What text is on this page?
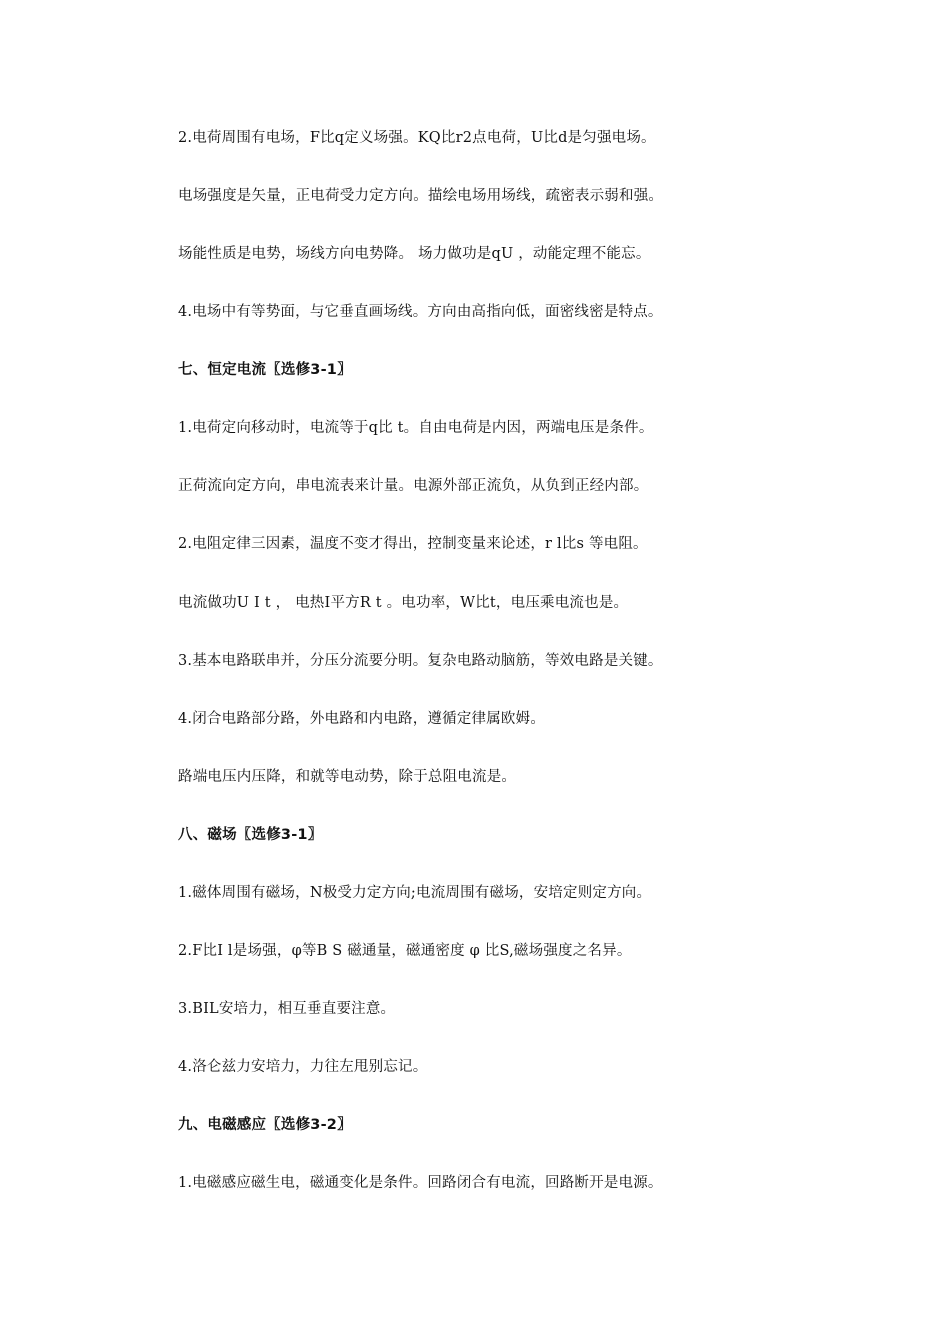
2.电荷周围有电场，F比q定义场强。KQ比r2点电荷，U比d是匀强电场。
电场强度是矢量，正电荷受力定方向。描绘电场用场线，疏密表示弱和强。
场能性质是电势，场线方向电势降。 场力做功是qU ，动能定理不能忘。
4.电场中有等势面，与它垂直画场线。方向由高指向低，面密线密是特点。
七、恒定电流〖选修3-1〗
1.电荷定向移动时，电流等于q比 t。自由电荷是内因，两端电压是条件。
正荷流向定方向，串电流表来计量。电源外部正流负，从负到正经内部。
2.电阻定律三因素，温度不变才得出，控制变量来论述，r l比s 等电阻。
电流做功U I t ， 电热I平方R t 。电功率，W比t，电压乘电流也是。
3.基本电路联串并，分压分流要分明。复杂电路动脑筋，等效电路是关键。
4.闭合电路部分路，外电路和内电路，遵循定律属欧姆。
路端电压内压降，和就等电动势，除于总阻电流是。
八、磁场〖选修3-1〗
1.磁体周围有磁场，N极受力定方向;电流周围有磁场，安培定则定方向。
2.F比I l是场强，φ等B S 磁通量，磁通密度 φ 比S,磁场强度之名异。
3.BIL安培力，相互垂直要注意。
4.洛仑兹力安培力，力往左甩别忘记。
九、电磁感应〖选修3-2〗
1.电磁感应磁生电，磁通变化是条件。回路闭合有电流，回路断开是电源。
